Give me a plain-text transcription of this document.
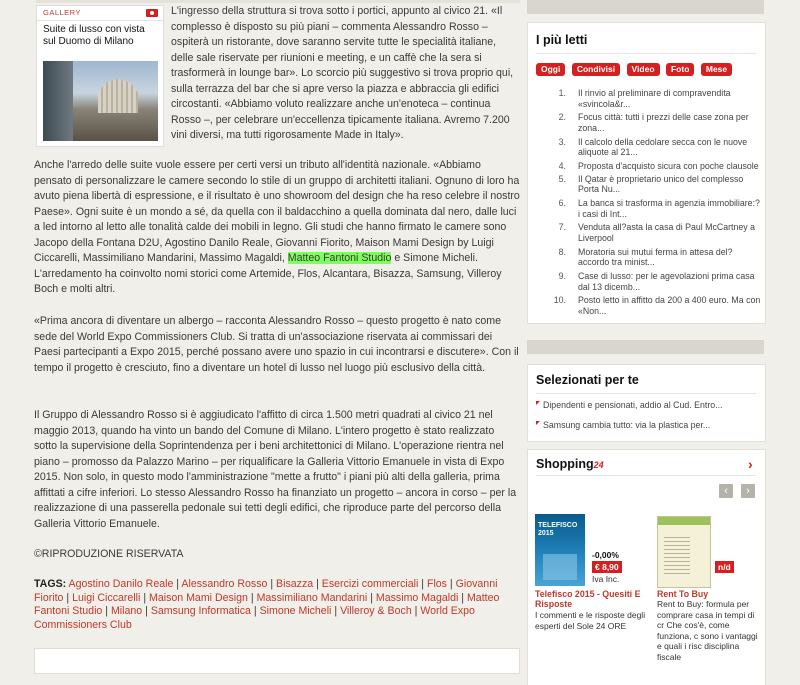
GALLERY
Suite di lusso con vista sul Duomo di Milano

L'ingresso della struttura si trova sotto i portici, appunto al civico 21. «Il complesso è disposto su più piani – commenta Alessandro Rosso – ospiterà un ristorante, dove saranno servite tutte le specialità italiane, delle sale riservate per riunioni e meeting, e un caffè che la sera si trasformerà in lounge bar». Lo scorcio più suggestivo si trova proprio qui, sulla terrazza del bar che si apre verso la piazza e abbraccia gli edifici circostanti. «Abbiamo voluto realizzare anche un'enoteca – continua Rosso –, per celebrare un'eccellenza tipicamente italiana. Avremo 7.200 vini diversi, ma tutti rigorosamente Made in Italy».

Anche l'arredo delle suite vuole essere per certi versi un tributo all'identità nazionale. «Abbiamo pensato di personalizzare le camere secondo lo stile di un gruppo di architetti italiani. Ognuno di loro ha avuto piena libertà di espressione, e il risultato è uno showroom del design che ha reso celebre il nostro Paese». Ogni suite è un mondo a sé, da quella con il baldacchino a quella dominata dal nero, dalle luci a led intorno al letto alle tonalità calde dei mobili in legno. Gli studi che hanno firmato le camere sono Jacopo della Fontana D2U, Agostino Danilo Reale, Giovanni Fiorito, Maison Mami Design by Luigi Ciccarelli, Massimiliano Mandarini, Massimo Magaldi, Matteo Fantoni Studio e Simone Micheli. L'arredamento ha coinvolto nomi storici come Artemide, Flos, Alcantara, Bisazza, Samsung, Villeroy Boch e molti altri.

«Prima ancora di diventare un albergo – racconta Alessandro Rosso – questo progetto è nato come sede del World Expo Commissioners Club. Si tratta di un'associazione riservata ai commissari dei Paesi partecipanti a Expo 2015, perché possano avere uno spazio in cui incontrarsi e discutere». Con il tempo il progetto è cresciuto, fino a diventare un hotel di lusso nel luogo più esclusivo della città.

Il Gruppo di Alessandro Rosso si è aggiudicato l'affitto di circa 1.500 metri quadrati al civico 21 nel maggio 2013, quando ha vinto un bando del Comune di Milano. L'intero progetto è stato realizzato sotto la supervisione della Soprintendenza per i beni architettonici di Milano. L'operazione rientra nel piano – promosso da Palazzo Marino – per riqualificare la Galleria Vittorio Emanuele in vista di Expo 2015. Non solo, in questo modo l'amministrazione "mette a frutto" i piani più alti della galleria, prima affittati a cifre inferiori. Lo stesso Alessandro Rosso ha finanziato un progetto – ancora in corso – per la realizzazione di una passerella pedonale sui tetti degli edifici, che riproduce parte del percorso della Galleria Vittorio Emanuele.

©RIPRODUZIONE RISERVATA

TAGS: Agostino Danilo Reale | Alessandro Rosso | Bisazza | Esercizi commerciali | Flos | Giovanni Fiorito | Luigi Ciccarelli | Maison Mami Design | Massimiliano Mandarini | Massimo Magaldi | Matteo Fantoni Studio | Milano | Samsung Informatica | Simone Micheli | Villeroy & Boch | World Expo Commissioners Club
I più letti
Oggi Condivisi Video Foto Mese
1.	Il rinvio al preliminare di compravendita «svincola&r...
2.	Focus città: tutti i prezzi delle case zona per zona...
3.	Il calcolo della cedolare secca con le nuove aliquote al 21...
4.	Proposta d'acquisto sicura con poche clausole
5.	Il Qatar è proprietario unico del complesso Porta Nu...
6.	La banca si trasforma in agenzia immobiliare:? i casi di Int...
7.	Venduta all?asta la casa di Paul McCartney a Liverpool
8.	Moratoria sui mutui ferma in attesa del? accordo tra minist...
9.	Case di lusso: per le agevolazioni prima casa dal 13 dicemb...
10.	Posto letto in affitto da 200 a 400 euro. Ma con «Non...
Selezionati per te
Dipendenti e pensionati, addio al Cud. Entro...
Samsung cambia tutto: via la plastica per...
Shopping24	›
‹	›
TELEFISCO 2015
-0,00%
€ 8,90
Iva Inc.
Telefisco 2015 - Quesiti E Risposte
I commenti e le risposte degli esperti del Sole 24 ORE
n/d
Rent To Buy
Rent to Buy: formula per comprare casa in tempi di cr Che cos'è, come funziona, c sono i vantaggi e quali i risc disciplina fiscale
